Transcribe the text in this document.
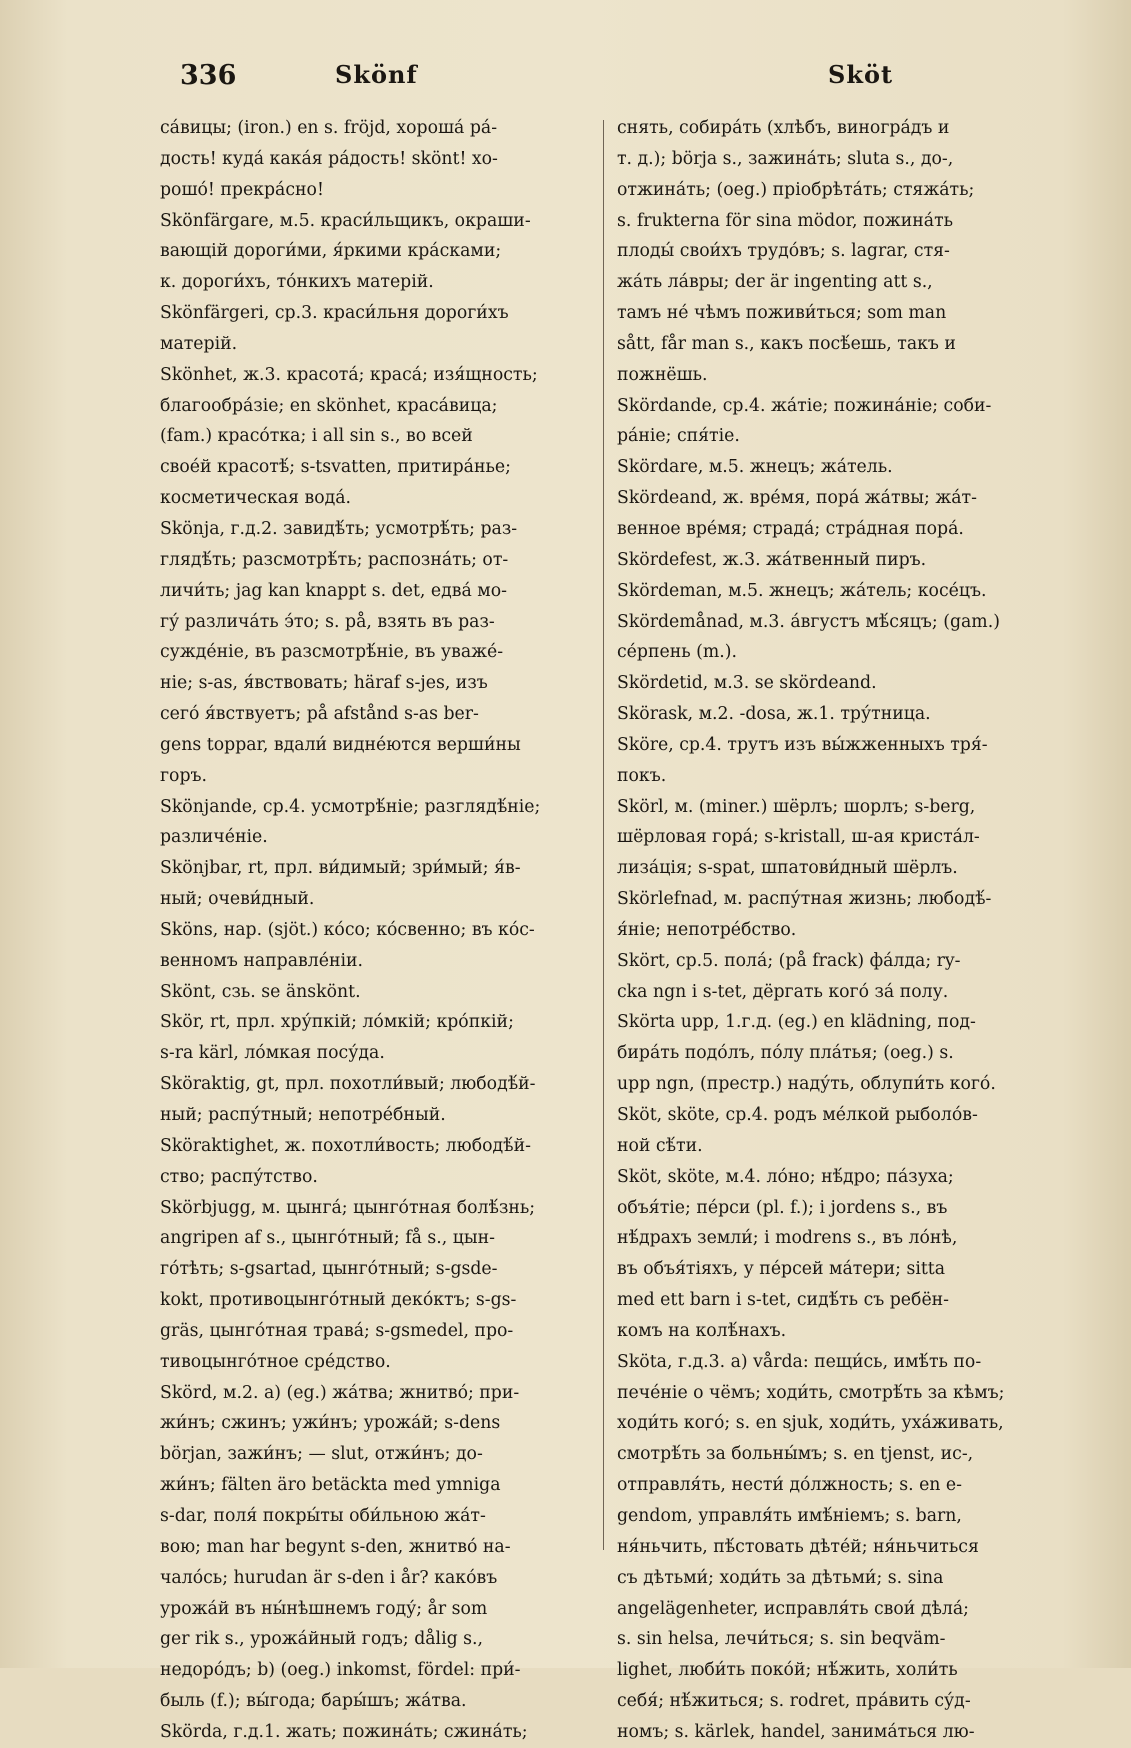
336	Skönf	Sköt
са́вицы; (iron.) en s. fröjd, хороша́ ра́-
дость! куда́ кака́я ра́дость! skönt! хо-
рошо́! прекра́сно!
Skönfärgare, м.5. краси́льщикъ, окраши-
вающій дороги́ми, я́ркими кра́сками;
к. дороги́хъ, то́нкихъ матерій.
Skönfärgeri, ср.3. краси́льня дороги́хъ
матерій.
Skönhet, ж.3. красота́; краса́; изя́щность;
благообра́зіе; en skönhet, краса́вица;
(fam.) красо́тка; i all sin s., во всей
свое́й красотѣ́; s-tsvatten, притира́нье;
косметическая вода́.
Skönja, г.д.2. завидѣ́ть; усмотрѣ́ть; раз-
глядѣ́ть; разсмотрѣ́ть; распозна́ть; от-
личи́ть; jag kan knappt s. det, едва́ мо-
гу́ различа́ть э́то; s. på, взять въ раз-
сужде́ніе, въ разсмотрѣ́ніе, въ уваже́-
ніе; s-as, я́вствовать; häraf s-jes, изъ
сего́ я́вствуетъ; på afstånd s-as ber-
gens toppar, вдали́ видне́ются верши́ны
горъ.
Skönjande, ср.4. усмотрѣ́ніе; разглядѣ́ніе;
различе́ніе.
Skönjbar, rt, прл. ви́димый; зри́мый; я́в-
ный; очеви́дный.
Sköns, нар. (sjöt.) ко́со; ко́свенно; въ ко́с-
венномъ направле́ніи.
Skönt, сзь. se änskönt.
Skör, rt, прл. хру́пкій; ло́мкій; кро́пкій;
s-ra kärl, ло́мкая посу́да.
Sköraktig, gt, прл. похотли́вый; любодѣ́й-
ный; распу́тный; непотре́бный.
Sköraktighet, ж. похотли́вость; любодѣ́й-
ство; распу́тство.
Skörbjugg, м. цынга́; цынго́тная болѣ́знь;
angripen af s., цынго́тный; få s., цын-
го́тѣть; s-gsartad, цынго́тный; s-gsde-
kokt, противоцынго́тный деко́ктъ; s-gs-
gräs, цынго́тная трава́; s-gsmedel, про-
тивоцынго́тное сре́дство.
Skörd, м.2. а) (eg.) жа́тва; жнитво́; при-
жи́нъ; сжинъ; ужи́нъ; урожа́й; s-dens
början, зажи́нъ; — slut, отжи́нъ; до-
жи́нъ; fälten äro betäckta med ymniga
s-dar, поля́ покры́ты оби́льною жа́т-
вою; man har begynt s-den, жнитво́ на-
чало́сь; hurudan är s-den i år? како́въ
урожа́й въ ны́нѣшнемъ году́; år som
ger rik s., урожа́йный годъ; dålig s.,
недоро́дъ; b) (oeg.) inkomst, fördel: при́-
быль (f.); вы́года; бары́шъ; жа́тва.
Skörda, г.д.1. жать; пожина́ть; сжина́ть;
снять, собира́ть (хлѣбъ, виногра́дъ и
т. д.); börja s., зажина́ть; sluta s., до-,
отжина́ть; (oeg.) пріобрѣта́ть; стяжа́ть;
s. frukterna för sina mödor, пожина́ть
плоды́ свои́хъ трудо́въ; s. lagrar, стя-
жа́ть ла́вры; der är ingenting att s.,
тамъ не́ чѣмъ поживи́ться; som man
sått, får man s., какъ посѣ́ешь, такъ и
пожнёшь.
Skördande, ср.4. жа́тіе; пожина́ніе; соби-
ра́ніе; спя́тіе.
Skördare, м.5. жнецъ; жа́тель.
Skördeand, ж. вре́мя, пора́ жа́твы; жа́т-
венное вре́мя; страда́; стра́дная пора́.
Skördefest, ж.3. жа́твенный пиръ.
Skördeman, м.5. жнецъ; жа́тель; косе́цъ.
Skördemånad, м.3. а́вгустъ мѣ́сяцъ; (gam.)
се́рпень (m.).
Skördetid, м.3. se skördeand.
Skörask, м.2. -dosa, ж.1. тру́тница.
Sköre, ср.4. трутъ изъ вы́жженныхъ тря́-
покъ.
Skörl, м. (miner.) шёрлъ; шорлъ; s-berg,
шёрловая гора́; s-kristall, ш-ая криста́л-
лиза́ція; s-spat, шпатови́дный шёрлъ.
Skörlefnad, м. распу́тная жизнь; любодѣ́-
я́ніе; непотре́бство.
Skört, ср.5. пола́; (på frack) фа́лда; ry-
cka ngn i s-tet, дёргать кого́ за́ полу.
Skörta upp, 1.г.д. (eg.) en klädning, под-
бира́ть подо́лъ, по́лу пла́тья; (oeg.) s.
upp ngn, (престр.) наду́ть, облупи́ть кого́.
Sköt, sköte, ср.4. родъ ме́лкой рыболо́в-
ной сѣ́ти.
Sköt, sköte, м.4. ло́но; нѣ́дро; па́зуха;
объя́тіе; пе́рси (pl. f.); i jordens s., въ
нѣ́драхъ земли́; i modrens s., въ ло́нѣ,
въ объя́тіяхъ, у пе́рсей ма́тери; sitta
med ett barn i s-tet, сидѣ́ть съ ребён-
комъ на колѣ́нахъ.
Sköta, г.д.3. а) vårda: пещи́сь, имѣ́ть по-
пече́ніе о чёмъ; ходи́ть, смотрѣ́ть за кѣмъ;
ходи́ть кого́; s. en sjuk, ходи́ть, уха́живать,
смотрѣ́ть за больны́мъ; s. en tjenst, ис-,
отправля́ть, нести́ до́лжность; s. en e-
gendom, управля́ть имѣ́ніемъ; s. barn,
ня́ньчить, пѣ́стовать дѣте́й; ня́ньчиться
съ дѣтьми́; ходи́ть за дѣтьми́; s. sina
angelägenheter, исправля́ть свои́ дѣла́;
s. sin helsa, лечи́ться; s. sin beqväm-
lighet, люби́ть поко́й; нѣ́жить, холи́ть
себя́; нѣ́житься; s. rodret, пра́вить су́д-
номъ; s. kärlek, handel, занима́ться лю-
